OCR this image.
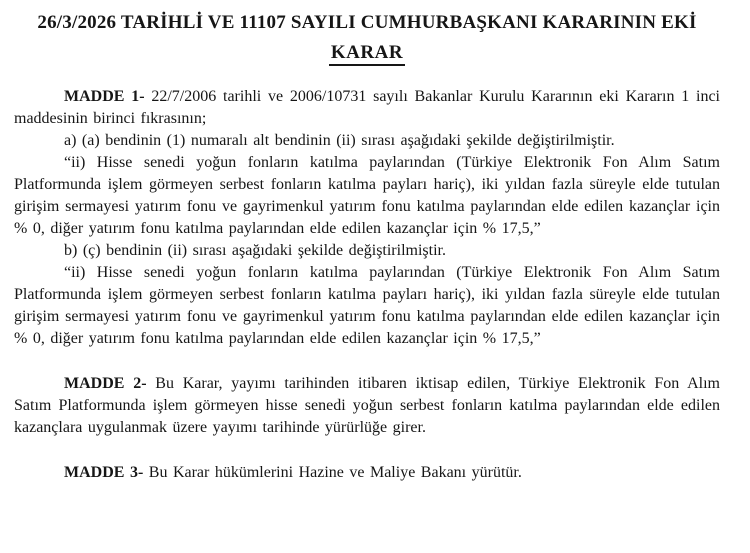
26/3/2026 TARİHLİ VE 11107 SAYILI CUMHURBAŞKANI KARARININ EKİ
KARAR

MADDE 1- 22/7/2006 tarihli ve 2006/10731 sayılı Bakanlar Kurulu Kararının eki Kararın 1 inci maddesinin birinci fıkrasının;

a) (a) bendinin (1) numaralı alt bendinin (ii) sırası aşağıdaki şekilde değiştirilmiştir.

“ii) Hisse senedi yoğun fonların katılma paylarından (Türkiye Elektronik Fon Alım Satım Platformunda işlem görmeyen serbest fonların katılma payları hariç), iki yıldan fazla süreyle elde tutulan girişim sermayesi yatırım fonu ve gayrimenkul yatırım fonu katılma paylarından elde edilen kazançlar için % 0, diğer yatırım fonu katılma paylarından elde edilen kazançlar için % 17,5,”

b) (ç) bendinin (ii) sırası aşağıdaki şekilde değiştirilmiştir.

“ii) Hisse senedi yoğun fonların katılma paylarından (Türkiye Elektronik Fon Alım Satım Platformunda işlem görmeyen serbest fonların katılma payları hariç), iki yıldan fazla süreyle elde tutulan girişim sermayesi yatırım fonu ve gayrimenkul yatırım fonu katılma paylarından elde edilen kazançlar için % 0, diğer yatırım fonu katılma paylarından elde edilen kazançlar için % 17,5,”

MADDE 2- Bu Karar, yayımı tarihinden itibaren iktisap edilen, Türkiye Elektronik Fon Alım Satım Platformunda işlem görmeyen hisse senedi yoğun serbest fonların katılma paylarından elde edilen kazançlara uygulanmak üzere yayımı tarihinde yürürlüğe girer.

MADDE 3- Bu Karar hükümlerini Hazine ve Maliye Bakanı yürütür.
